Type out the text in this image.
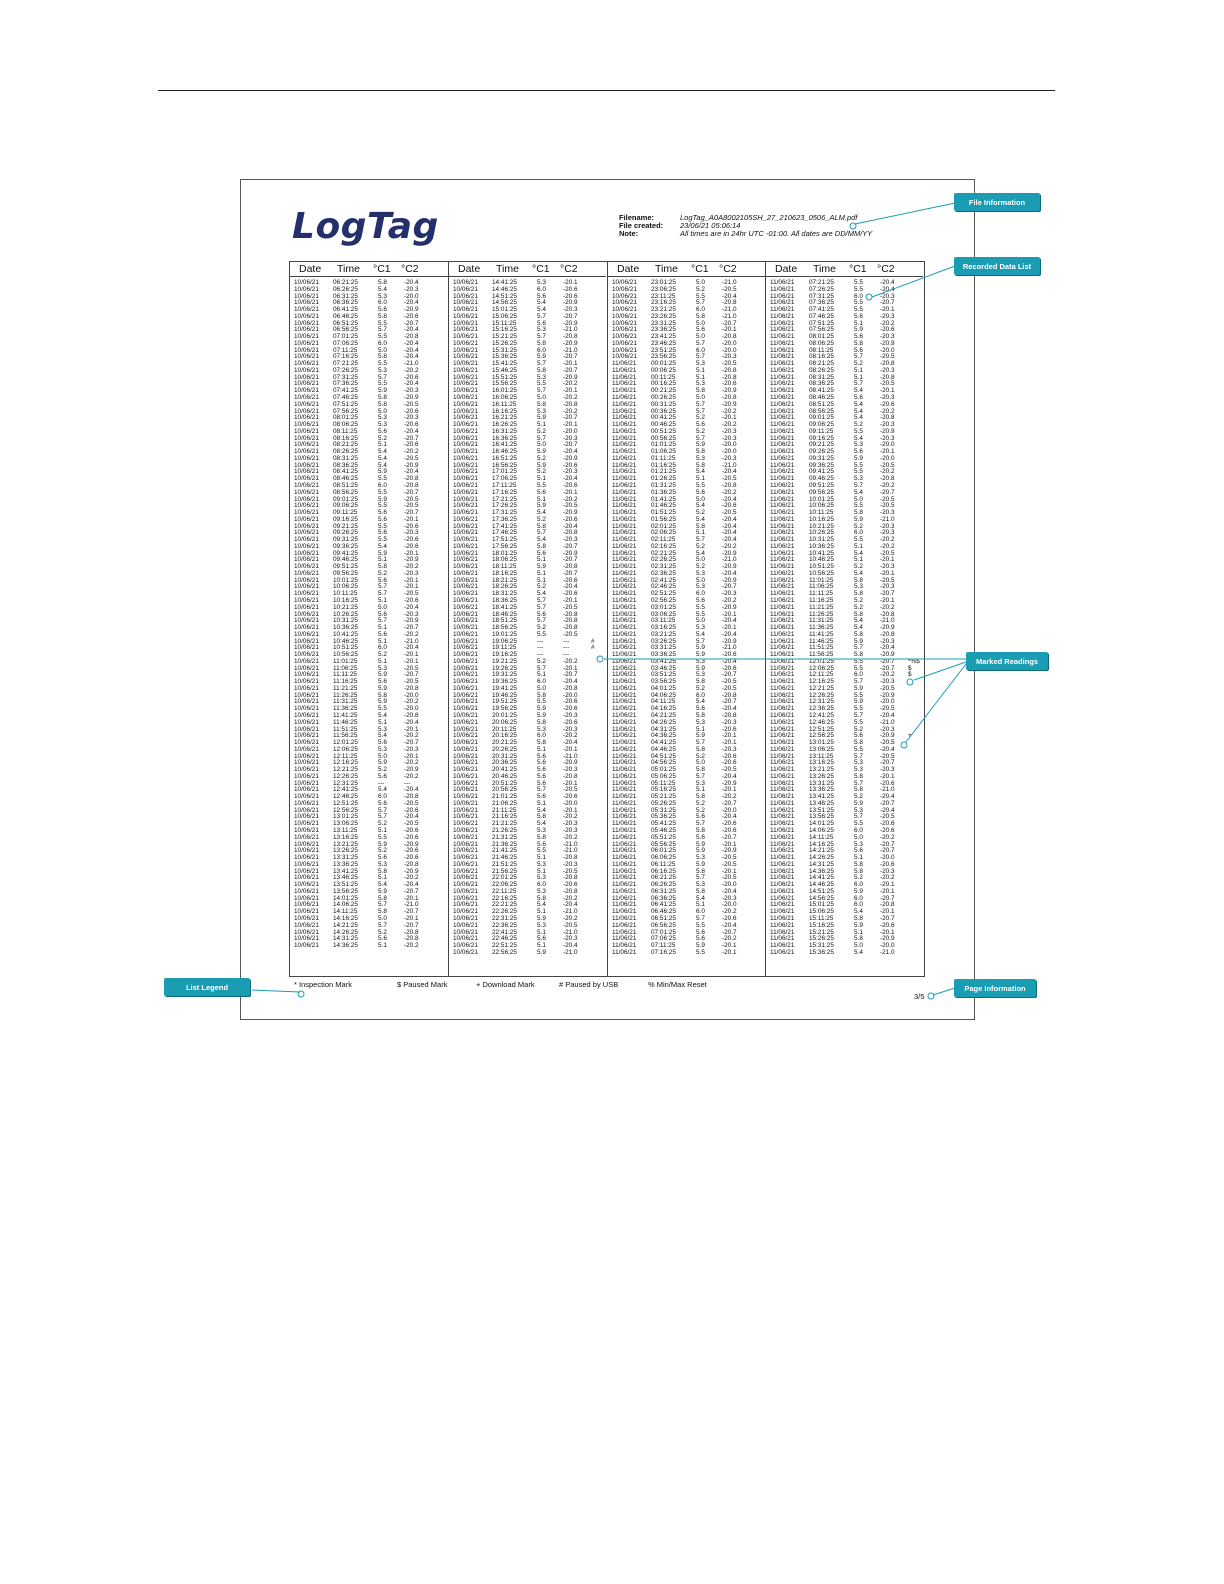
LogTag	Filename:	LogTag_A0A8002105SH_27_210623_0506_ALM.pdf
File created:	23/06/21 05:06:14
Note:	All times are in 24hr UTC -01:00. All dates are DD/MM/YY
Date Time °C1 °C2
10/06/21 06:21:25	5.8	-20.4
10/06/21 06:26:25	5.4	-20.3
10/06/21 06:31:25	5.3	-20.0
10/06/21 06:36:25	6.0	-20.4
10/06/21 06:41:25	5.6	-20.9
10/06/21 06:46:25	5.8	-20.6
10/06/21 06:51:25	5.5	-20.7
10/06/21 06:56:25	5.7	-20.4
10/06/21 07:01:25	5.5	-20.8
10/06/21 07:06:25	6.0	-20.4
10/06/21 07:11:25	5.0	-20.4
10/06/21 07:16:25	5.8	-20.4
10/06/21 07:21:25	5.5	-21.0
10/06/21 07:26:25	5.3	-20.2
10/06/21 07:31:25	5.7	-20.6
10/06/21 07:36:25	5.5	-20.4
10/06/21 07:41:25	5.9	-20.3
10/06/21 07:46:25	5.8	-20.9
10/06/21 07:51:25	5.8	-20.5
10/06/21 07:56:25	5.0	-20.6
10/06/21 08:01:25	5.3	-20.3
10/06/21 08:06:25	5.3	-20.6
10/06/21 08:11:25	5.6	-20.4
10/06/21 08:16:25	5.2	-20.7
10/06/21 08:21:25	5.1	-20.6
10/06/21 08:26:25	5.4	-20.2
10/06/21 08:31:25	5.4	-20.5
10/06/21 08:36:25	5.4	-20.9
10/06/21 08:41:25	5.9	-20.4
10/06/21 08:46:25	5.5	-20.8
10/06/21 08:51:25	6.0	-20.8
10/06/21 08:56:25	5.5	-20.7
10/06/21 09:01:25	5.9	-20.5
10/06/21 09:06:25	5.5	-20.5
10/06/21 09:11:25	5.6	-20.7
10/06/21 09:16:25	5.6	-20.1
10/06/21 09:21:25	5.5	-20.6
10/06/21 09:26:25	5.6	-20.3
10/06/21 09:31:25	5.5	-20.6
10/06/21 09:36:25	5.4	-20.6
10/06/21 09:41:25	5.9	-20.1
10/06/21 09:46:25	5.1	-20.9
10/06/21 09:51:25	5.8	-20.2
10/06/21 09:56:25	5.2	-20.3
10/06/21 10:01:25	5.6	-20.1
10/06/21 10:06:25	5.7	-20.1
10/06/21 10:11:25	5.7	-20.5
10/06/21 10:16:25	5.1	-20.6
10/06/21 10:21:25	5.0	-20.4
10/06/21 10:26:25	5.6	-20.3
10/06/21 10:31:25	5.7	-20.9
10/06/21 10:36:25	5.1	-20.7
10/06/21 10:41:25	5.6	-20.2
10/06/21 10:46:25	5.1	-21.0
10/06/21 10:51:25	6.0	-20.4
10/06/21 10:56:25	5.2	-20.1
10/06/21 11:01:25	5.1	-20.1
10/06/21 11:06:25	5.3	-20.5
10/06/21 11:11:25	5.9	-20.7
10/06/21 11:16:25	5.6	-20.5
10/06/21 11:21:25	5.9	-20.8
10/06/21 11:26:25	5.8	-20.0
10/06/21 11:31:25	5.9	-20.2
10/06/21 11:36:25	5.5	-20.0
10/06/21 11:41:25	5.4	-20.8
10/06/21 11:46:25	5.1	-20.4
10/06/21 11:51:25	5.3	-20.1
10/06/21 11:56:25	5.4	-20.2
10/06/21 12:01:25	5.6	-20.7
10/06/21 12:06:25	5.3	-20.3
10/06/21 12:11:25	5.0	-20.1
10/06/21 12:16:25	5.9	-20.2
10/06/21 12:21:25	5.2	-20.9
10/06/21 12:26:25	5.6	-20.2
10/06/21 12:31:25	---	---
10/06/21 12:41:25	5.4	-20.4
10/06/21 12:46:25	6.0	-20.8
10/06/21 12:51:25	5.6	-20.5
10/06/21 12:56:25	5.7	-20.6
10/06/21 13:01:25	5.7	-20.4
10/06/21 13:06:25	5.2	-20.5
10/06/21 13:11:25	5.1	-20.6
10/06/21 13:16:25	5.5	-20.6
10/06/21 13:21:25	5.9	-20.9
10/06/21 13:26:25	5.2	-20.6
10/06/21 13:31:25	5.6	-20.6
10/06/21 13:36:25	5.3	-20.8
10/06/21 13:41:25	5.8	-20.9
10/06/21 13:46:25	5.1	-20.2
10/06/21 13:51:25	5.4	-20.4
10/06/21 13:56:25	5.9	-20.7
10/06/21 14:01:25	5.8	-20.1
10/06/21 14:06:25	5.7	-21.0
10/06/21 14:11:25	5.8	-20.7
10/06/21 14:16:25	5.0	-20.1
10/06/21 14:21:25	5.7	-20.7
10/06/21 14:26:25	5.2	-20.8
10/06/21 14:31:25	5.6	-20.8
10/06/21 14:36:25	5.1	-20.2
Date Time °C1 °C2
10/06/21 14:41:25	5.3	-20.1
10/06/21 14:46:25	6.0	-20.6
10/06/21 14:51:25	5.6	-20.6
10/06/21 14:56:25	5.4	-20.9
10/06/21 15:01:25	5.4	-20.3
10/06/21 15:06:25	5.7	-20.7
10/06/21 15:11:25	5.6	-20.9
10/06/21 15:16:25	5.3	-21.0
10/06/21 15:21:25	5.7	-20.8
10/06/21 15:26:25	5.8	-20.9
10/06/21 15:31:25	6.0	-21.0
10/06/21 15:36:25	5.9	-20.7
10/06/21 15:41:25	5.7	-20.1
10/06/21 15:46:25	5.8	-20.7
10/06/21 15:51:25	5.3	-20.9
10/06/21 15:56:25	5.5	-20.2
10/06/21 16:01:25	5.7	-20.1
10/06/21 16:06:25	5.0	-20.2
10/06/21 16:11:25	5.8	-20.8
10/06/21 16:16:25	5.3	-20.2
10/06/21 16:21:25	5.9	-20.7
10/06/21 16:26:25	5.1	-20.1
10/06/21 16:31:25	5.2	-20.0
10/06/21 16:36:25	5.7	-20.3
10/06/21 16:41:25	5.0	-20.7
10/06/21 16:46:25	5.9	-20.4
10/06/21 16:51:25	5.2	-20.9
10/06/21 16:56:25	5.9	-20.6
10/06/21 17:01:25	5.2	-20.3
10/06/21 17:06:25	5.1	-20.4
10/06/21 17:11:25	5.5	-20.6
10/06/21 17:16:25	5.6	-20.1
10/06/21 17:21:25	5.1	-20.2
10/06/21 17:26:25	5.9	-20.5
10/06/21 17:31:25	5.4	-20.9
10/06/21 17:36:25	5.2	-20.6
10/06/21 17:41:25	5.8	-20.4
10/06/21 17:46:25	5.7	-20.8
10/06/21 17:51:25	5.4	-20.3
10/06/21 17:56:25	5.8	-20.7
10/06/21 18:01:25	5.6	-20.9
10/06/21 18:06:25	5.1	-20.7
10/06/21 18:11:25	5.9	-20.8
10/06/21 18:16:25	5.1	-20.7
10/06/21 18:21:25	5.1	-20.6
10/06/21 18:26:25	5.2	-20.4
10/06/21 18:31:25	5.4	-20.6
10/06/21 18:36:25	5.7	-20.1
10/06/21 18:41:25	5.7	-20.5
10/06/21 18:46:25	5.6	-20.8
10/06/21 18:51:25	5.7	-20.8
10/06/21 18:56:25	5.2	-20.8
10/06/21 19:01:25	5.5	-20.5
10/06/21 19:06:25	---	---	#
10/06/21 19:11:25	---	---	#
10/06/21 19:16:25	---	---
10/06/21 19:21:25	5.2	-20.2
10/06/21 19:26:25	5.7	-20.1
10/06/21 19:31:25	5.1	-20.7
10/06/21 19:36:25	6.0	-20.4
10/06/21 19:41:25	5.0	-20.8
10/06/21 19:46:25	5.8	-20.0
10/06/21 19:51:25	5.5	-20.6
10/06/21 19:56:25	5.9	-20.6
10/06/21 20:01:25	5.9	-20.3
10/06/21 20:06:25	5.8	-20.6
10/06/21 20:11:25	5.3	-20.3
10/06/21 20:16:25	6.0	-20.2
10/06/21 20:21:25	5.8	-20.4
10/06/21 20:26:25	5.1	-20.1
10/06/21 20:31:25	5.6	-21.0
10/06/21 20:36:25	5.6	-20.9
10/06/21 20:41:25	5.6	-20.3
10/06/21 20:46:25	5.6	-20.8
10/06/21 20:51:25	5.6	-20.1
10/06/21 20:56:25	5.7	-20.5
10/06/21 21:01:25	5.6	-20.6
10/06/21 21:06:25	5.1	-20.0
10/06/21 21:11:25	5.4	-20.1
10/06/21 21:16:25	5.8	-20.2
10/06/21 21:21:25	5.4	-20.3
10/06/21 21:26:25	5.3	-20.3
10/06/21 21:31:25	5.8	-20.2
10/06/21 21:36:25	5.6	-21.0
10/06/21 21:41:25	5.5	-21.0
10/06/21 21:46:25	5.1	-20.8
10/06/21 21:51:25	5.3	-20.3
10/06/21 21:56:25	5.1	-20.5
10/06/21 22:01:25	5.3	-20.8
10/06/21 22:06:25	6.0	-20.6
10/06/21 22:11:25	5.3	-20.8
10/06/21 22:16:25	5.8	-20.2
10/06/21 22:21:25	5.4	-20.4
10/06/21 22:26:25	5.1	-21.0
10/06/21 22:31:25	5.9	-20.2
10/06/21 22:36:25	5.3	-20.5
10/06/21 22:41:25	5.1	-21.0
10/06/21 22:46:25	5.6	-20.3
10/06/21 22:51:25	5.1	-20.4
10/06/21 22:56:25	5.9	-21.0
Date Time °C1 °C2
10/06/21 23:01:25	5.0	-21.0
10/06/21 23:06:25	5.2	-20.5
10/06/21 23:11:25	5.5	-20.4
10/06/21 23:16:25	5.7	-20.8
10/06/21 23:21:25	6.0	-21.0
10/06/21 23:26:25	5.8	-21.0
10/06/21 23:31:25	5.0	-20.7
10/06/21 23:36:25	5.6	-20.1
10/06/21 23:41:25	5.0	-20.8
10/06/21 23:46:25	5.7	-20.0
10/06/21 23:51:25	6.0	-20.0
10/06/21 23:56:25	5.7	-20.3
11/06/21 00:01:25	5.3	-20.5
11/06/21 00:06:25	5.1	-20.8
11/06/21 00:11:25	5.1	-20.8
11/06/21 00:16:25	5.3	-20.6
11/06/21 00:21:25	5.8	-20.9
11/06/21 00:26:25	5.0	-20.8
11/06/21 00:31:25	5.7	-20.9
11/06/21 00:36:25	5.7	-20.2
11/06/21 00:41:25	5.2	-20.1
11/06/21 00:46:25	5.6	-20.2
11/06/21 00:51:25	5.2	-20.3
11/06/21 00:56:25	5.7	-20.3
11/06/21 01:01:25	5.9	-20.0
11/06/21 01:06:25	5.8	-20.0
11/06/21 01:11:25	5.3	-20.3
11/06/21 01:16:25	5.8	-21.0
11/06/21 01:21:25	5.4	-20.4
11/06/21 01:26:25	5.1	-20.5
11/06/21 01:31:25	5.5	-20.8
11/06/21 01:36:25	5.6	-20.2
11/06/21 01:41:25	5.0	-20.4
11/06/21 01:46:25	5.4	-20.6
11/06/21 01:51:25	5.2	-20.5
11/06/21 01:56:25	5.4	-20.4
11/06/21 02:01:25	5.8	-20.4
11/06/21 02:06:25	5.1	-20.4
11/06/21 02:11:25	5.7	-20.4
11/06/21 02:16:25	5.2	-20.2
11/06/21 02:21:25	5.4	-20.9
11/06/21 02:26:25	5.0	-21.0
11/06/21 02:31:25	5.2	-20.9
11/06/21 02:36:25	5.3	-20.4
11/06/21 02:41:25	5.0	-20.9
11/06/21 02:46:25	5.3	-20.7
11/06/21 02:51:25	6.0	-20.3
11/06/21 02:56:25	5.6	-20.2
11/06/21 03:01:25	5.5	-20.9
11/06/21 03:06:25	5.5	-20.1
11/06/21 03:11:25	5.0	-20.4
11/06/21 03:16:25	5.3	-20.1
11/06/21 03:21:25	5.4	-20.4
11/06/21 03:26:25	5.7	-20.9
11/06/21 03:31:25	5.9	-21.0
11/06/21 03:36:25	5.9	-20.6
11/06/21 03:41:25	5.3	-20.4
11/06/21 03:46:25	5.9	-20.6
11/06/21 03:51:25	5.3	-20.7
11/06/21 03:56:25	5.8	-20.5
11/06/21 04:01:25	5.2	-20.5
11/06/21 04:06:25	6.0	-20.8
11/06/21 04:11:25	5.4	-20.7
11/06/21 04:16:25	5.6	-20.4
11/06/21 04:21:25	5.8	-20.8
11/06/21 04:26:25	5.3	-20.3
11/06/21 04:31:25	5.1	-20.6
11/06/21 04:36:25	5.9	-20.1
11/06/21 04:41:25	5.7	-20.1
11/06/21 04:46:25	5.8	-20.3
11/06/21 04:51:25	5.2	-20.6
11/06/21 04:56:25	5.0	-20.6
11/06/21 05:01:25	5.8	-20.5
11/06/21 05:06:25	5.7	-20.4
11/06/21 05:11:25	5.3	-20.9
11/06/21 05:16:25	5.1	-20.1
11/06/21 05:21:25	5.8	-20.2
11/06/21 05:26:25	5.2	-20.7
11/06/21 05:31:25	5.2	-20.0
11/06/21 05:36:25	5.6	-20.4
11/06/21 05:41:25	5.7	-20.6
11/06/21 05:46:25	5.8	-20.6
11/06/21 05:51:25	5.6	-20.7
11/06/21 05:56:25	5.9	-20.1
11/06/21 06:01:25	5.9	-20.9
11/06/21 06:06:25	5.3	-20.5
11/06/21 06:11:25	5.9	-20.5
11/06/21 06:16:25	5.8	-20.1
11/06/21 06:21:25	5.7	-20.5
11/06/21 06:26:25	5.3	-20.0
11/06/21 06:31:25	5.8	-20.4
11/06/21 06:36:25	5.4	-20.3
11/06/21 06:41:25	5.1	-20.0
11/06/21 06:46:25	6.0	-20.2
11/06/21 06:51:25	5.7	-20.6
11/06/21 06:56:25	5.5	-20.4
11/06/21 07:01:25	5.6	-20.7
11/06/21 07:06:25	5.6	-20.2
11/06/21 07:11:25	5.9	-20.1
11/06/21 07:16:25	5.5	-20.1
Date Time °C1 °C2
11/06/21 07:21:25	5.5	-20.4
11/06/21 07:26:25	5.5	-20.4
11/06/21 07:31:25	6.0	-20.3
11/06/21 07:36:25	5.5	-20.7
11/06/21 07:41:25	5.5	-20.1
11/06/21 07:46:25	5.6	-20.3
11/06/21 07:51:25	5.1	-20.2
11/06/21 07:56:25	5.9	-20.6
11/06/21 08:01:25	5.6	-20.3
11/06/21 08:06:25	5.8	-20.9
11/06/21 08:11:25	5.6	-20.0
11/06/21 08:16:25	5.7	-20.5
11/06/21 08:21:25	5.2	-20.8
11/06/21 08:26:25	5.1	-20.3
11/06/21 08:31:25	5.1	-20.8
11/06/21 08:36:25	5.7	-20.5
11/06/21 08:41:25	5.4	-20.1
11/06/21 08:46:25	5.6	-20.3
11/06/21 08:51:25	5.4	-20.6
11/06/21 08:56:25	5.4	-20.2
11/06/21 09:01:25	5.4	-20.8
11/06/21 09:06:25	5.2	-20.3
11/06/21 09:11:25	5.5	-20.9
11/06/21 09:16:25	5.4	-20.3
11/06/21 09:21:25	5.3	-20.0
11/06/21 09:26:25	5.6	-20.1
11/06/21 09:31:25	5.9	-20.0
11/06/21 09:36:25	5.5	-20.5
11/06/21 09:41:25	5.5	-20.2
11/06/21 09:46:25	5.3	-20.8
11/06/21 09:51:25	5.7	-20.2
11/06/21 09:56:25	5.4	-20.7
11/06/21 10:01:25	5.0	-20.5
11/06/21 10:06:25	5.5	-20.5
11/06/21 10:11:25	5.8	-20.3
11/06/21 10:16:25	5.9	-21.0
11/06/21 10:21:25	5.2	-20.3
11/06/21 10:26:25	6.0	-20.3
11/06/21 10:31:25	5.5	-20.2
11/06/21 10:36:25	5.1	-20.2
11/06/21 10:41:25	5.4	-20.5
11/06/21 10:46:25	5.1	-20.1
11/06/21 10:51:25	5.2	-20.3
11/06/21 10:56:25	5.4	-20.1
11/06/21 11:01:25	5.8	-20.5
11/06/21 11:06:25	5.3	-20.3
11/06/21 11:11:25	5.8	-20.7
11/06/21 11:16:25	5.2	-20.1
11/06/21 11:21:25	5.2	-20.2
11/06/21 11:26:25	5.8	-20.8
11/06/21 11:31:25	5.4	-21.0
11/06/21 11:36:25	5.4	-20.9
11/06/21 11:41:25	5.8	-20.8
11/06/21 11:46:25	5.9	-20.3
11/06/21 11:51:25	5.7	-20.4
11/06/21 11:56:25	5.8	-20.9
11/06/21 12:01:25	5.5	-20.7 *%$
11/06/21 12:06:25	5.5	-20.7 $
11/06/21 12:11:25	6.0	-20.2 $
11/06/21 12:16:25	5.7	-20.3
11/06/21 12:21:25	5.9	-20.5
11/06/21 12:26:25	5.5	-20.9
11/06/21 12:31:25	5.9	-20.0
11/06/21 12:36:25	5.5	-20.5
11/06/21 12:41:25	5.7	-20.4
11/06/21 12:46:25	5.5	-21.0
11/06/21 12:51:25	5.2	-20.3
11/06/21 12:56:25	5.6	-20.9 +
11/06/21 13:01:25	5.8	-20.5
11/06/21 13:06:25	5.5	-20.4
11/06/21 13:11:25	5.7	-20.5
11/06/21 13:16:25	5.3	-20.7
11/06/21 13:21:25	5.3	-20.3
11/06/21 13:26:25	5.8	-20.1
11/06/21 13:31:25	5.7	-20.6
11/06/21 13:36:25	5.8	-21.0
11/06/21 13:41:25	5.2	-20.4
11/06/21 13:46:25	5.9	-20.7
11/06/21 13:51:25	5.3	-20.4
11/06/21 13:56:25	5.7	-20.5
11/06/21 14:01:25	5.5	-20.6
11/06/21 14:06:25	6.0	-20.6
11/06/21 14:11:25	5.0	-20.2
11/06/21 14:16:25	5.3	-20.7
11/06/21 14:21:25	5.6	-20.7
11/06/21 14:26:25	5.1	-20.0
11/06/21 14:31:25	5.8	-20.6
11/06/21 14:36:25	5.8	-20.3
11/06/21 14:41:25	5.2	-20.2
11/06/21 14:46:25	6.0	-20.1
11/06/21 14:51:25	5.9	-20.1
11/06/21 14:56:25	6.0	-20.7
11/06/21 15:01:25	6.0	-20.8
11/06/21 15:06:25	5.4	-20.1
11/06/21 15:11:25	5.8	-20.7
11/06/21 15:16:25	5.9	-20.6
11/06/21 15:21:25	5.1	-20.1
11/06/21 15:26:25	5.8	-20.9
11/06/21 15:31:25	5.0	-20.0
11/06/21 15:36:25	5.4	-21.0
* Inspection Mark	$ Paused Mark	+ Download Mark	# Paused by USB	% Min/Max Reset
3/5
File Information
Recorded Data List
Marked Readings
List Legend	Page Information
